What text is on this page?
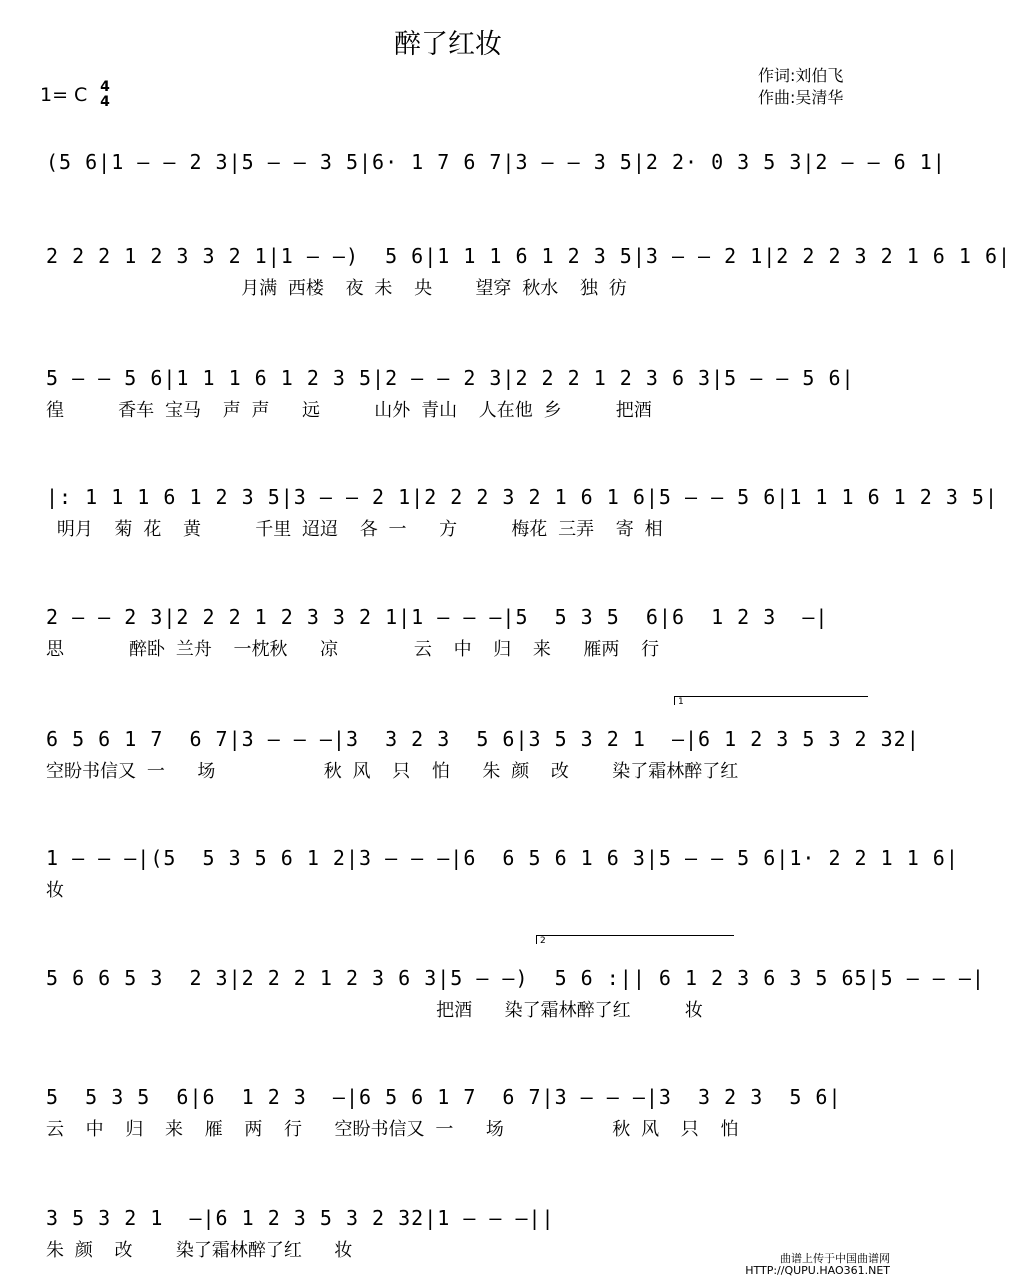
醉了红妆
1= C 4
4
作词:刘伯飞
作曲:吴清华
(5 6|1 — — 2 3|5 — — 3 5|6· 1 7 6 7|3 — — 3 5|2 2· 0 3 5 3|2 — — 6 1|
2 2 2 1 2 3 3 2 1|1 — —)  5 6|1 1 1 6 1 2 3 5|3 — — 2 1|2 2 2 3 2 1 6 1 6|
月满 西楼  夜 未  央    望穿 秋水  独 彷
5 — — 5 6|1 1 1 6 1 2 3 5|2 — — 2 3|2 2 2 1 2 3 6 3|5 — — 5 6|
徨     香车 宝马  声 声   远     山外 青山  人在他 乡     把酒
|: 1 1 1 6 1 2 3 5|3 — — 2 1|2 2 2 3 2 1 6 1 6|5 — — 5 6|1 1 1 6 1 2 3 5|
明月  菊 花  黄     千里 迢迢  各 一   方     梅花 三弄  寄 相
2 — — 2 3|2 2 2 1 2 3 3 2 1|1 — — —|5  5 3 5  6|6  1 2 3  —|
思      醉卧 兰舟  一枕秋   凉       云  中  归  来   雁两  行
1
6 5 6 1 7  6 7|3 — — —|3  3 2 3  5 6|3 5 3 2 1  —|6 1 2 3 5 3 2 32|
空盼书信又 一   场          秋 风  只  怕   朱 颜  改    染了霜林醉了红
1 — — —|(5  5 3 5 6 1 2|3 — — —|6  6 5 6 1 6 3|5 — — 5 6|1· 2 2 1 1 6|
妆
2
5 6 6 5 3  2 3|2 2 2 1 2 3 6 3|5 — —)  5 6 :|| 6 1 2 3 6 3 5 65|5 — — —|
把酒   染了霜林醉了红     妆
5  5 3 5  6|6  1 2 3  —|6 5 6 1 7  6 7|3 — — —|3  3 2 3  5 6|
云  中  归  来  雁  两  行   空盼书信又 一   场          秋 风  只  怕
3 5 3 2 1  —|6 1 2 3 5 3 2 32|1 — — —||
朱 颜  改    染了霜林醉了红   妆	曲谱上传于中国曲谱网
HTTP://QUPU.HAO361.NET
